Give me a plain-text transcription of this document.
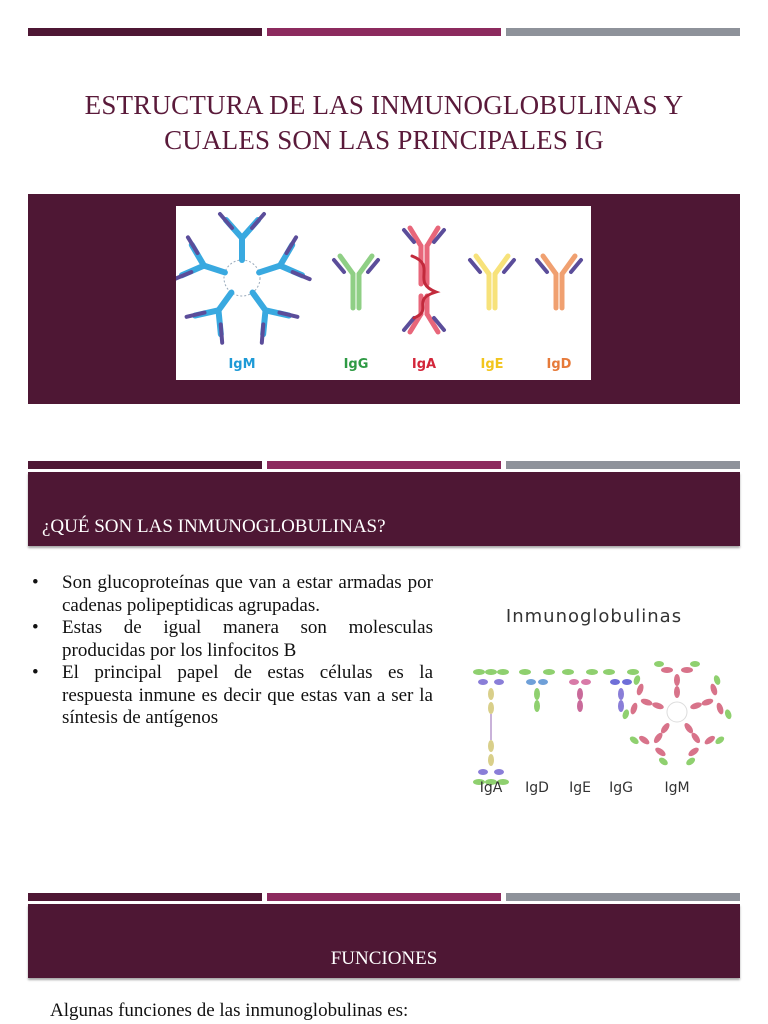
ESTRUCTURA DE LAS INMUNOGLOBULINAS Y
CUALES SON LAS PRINCIPALES IG
IgM	IgG	IgA	IgE	IgD
¿QUÉ SON LAS INMUNOGLOBULINAS?
• Son glucoproteínas que van a estar armadas por cadenas polipeptidicas agrupadas.
• Estas de igual manera son molesculas producidas por los linfocitos B
• El principal papel de estas células es la respuesta inmune es decir que estas van a ser la síntesis de antígenos
Inmunoglobulinas
IgA IgD IgE IgG IgM
FUNCIONES
Algunas funciones de las inmunoglobulinas es:
